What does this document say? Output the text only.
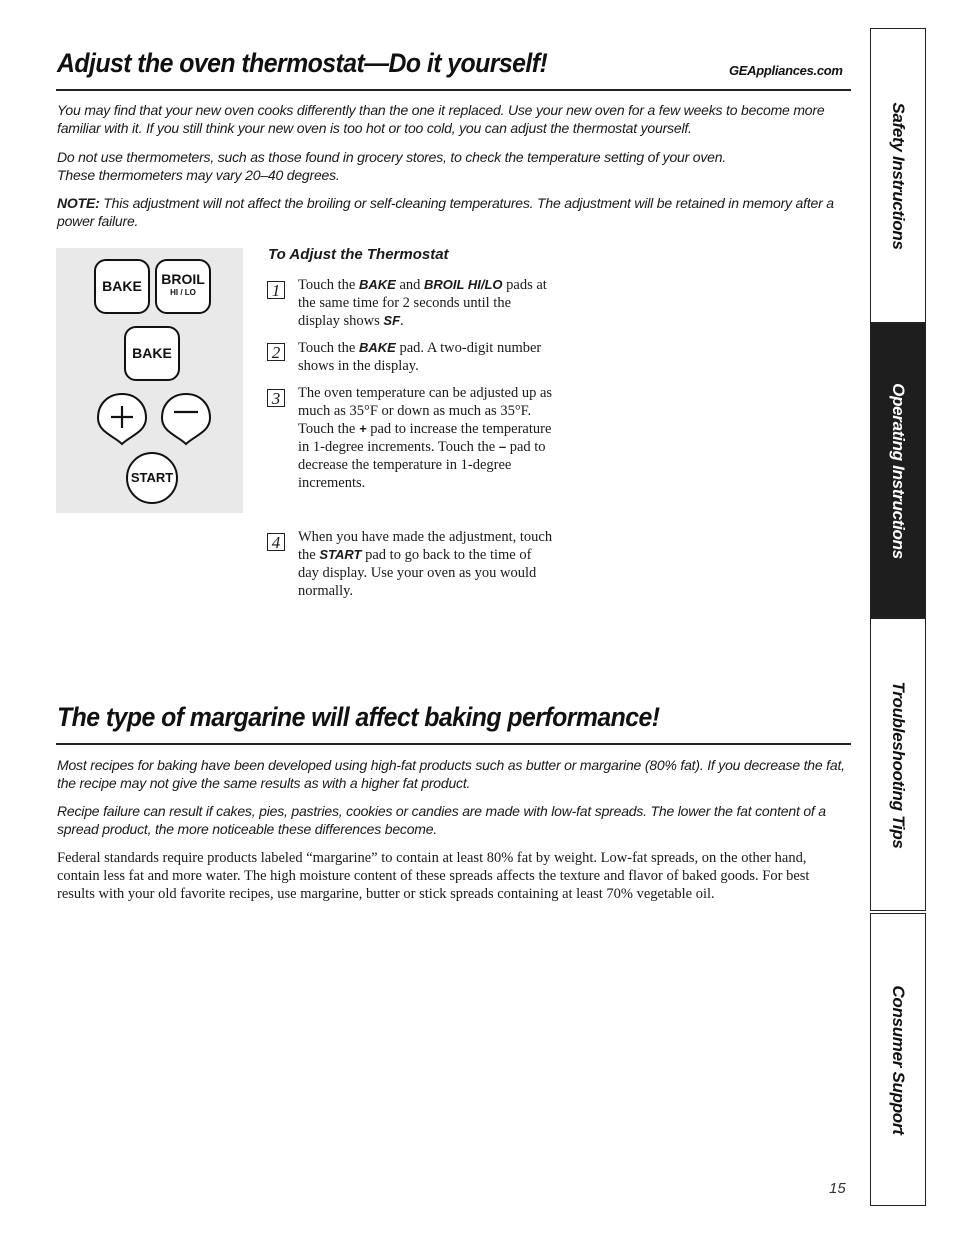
Adjust the oven thermostat—Do it yourself!	GEAppliances.com
You may find that your new oven cooks differently than the one it replaced. Use your new oven for a few weeks to become more familiar with it. If you still think your new oven is too hot or too cold, you can adjust the thermostat yourself.
Do not use thermometers, such as those found in grocery stores, to check the temperature setting of your oven.
These thermometers may vary 20–40 degrees.
NOTE: This adjustment will not affect the broiling or self-cleaning temperatures. The adjustment will be retained in memory after a power failure.
BAKE	BROIL
HI / LO
BAKE
START
To Adjust the Thermostat
1	Touch the BAKE and BROIL HI/LO pads at the same time for 2 seconds until the display shows SF.
2	Touch the BAKE pad. A two-digit number shows in the display.
3	The oven temperature can be adjusted up as much as 35°F or down as much as 35°F. Touch the + pad to increase the temperature in 1-degree increments. Touch the – pad to decrease the temperature in 1-degree increments.
4	When you have made the adjustment, touch the START pad to go back to the time of day display. Use your oven as you would normally.
The type of margarine will affect baking performance!
Most recipes for baking have been developed using high-fat products such as butter or margarine (80% fat). If you decrease the fat, the recipe may not give the same results as with a higher fat product.
Recipe failure can result if cakes, pies, pastries, cookies or candies are made with low-fat spreads. The lower the fat content of a spread product, the more noticeable these differences become.
Federal standards require products labeled “margarine” to contain at least 80% fat by weight. Low-fat spreads, on the other hand, contain less fat and more water. The high moisture content of these spreads affects the texture and flavor of baked goods. For best results with your old favorite recipes, use margarine, butter or stick spreads containing at least 70% vegetable oil.
Safety Instructions
Operating Instructions
Troubleshooting Tips
Consumer Support
15
